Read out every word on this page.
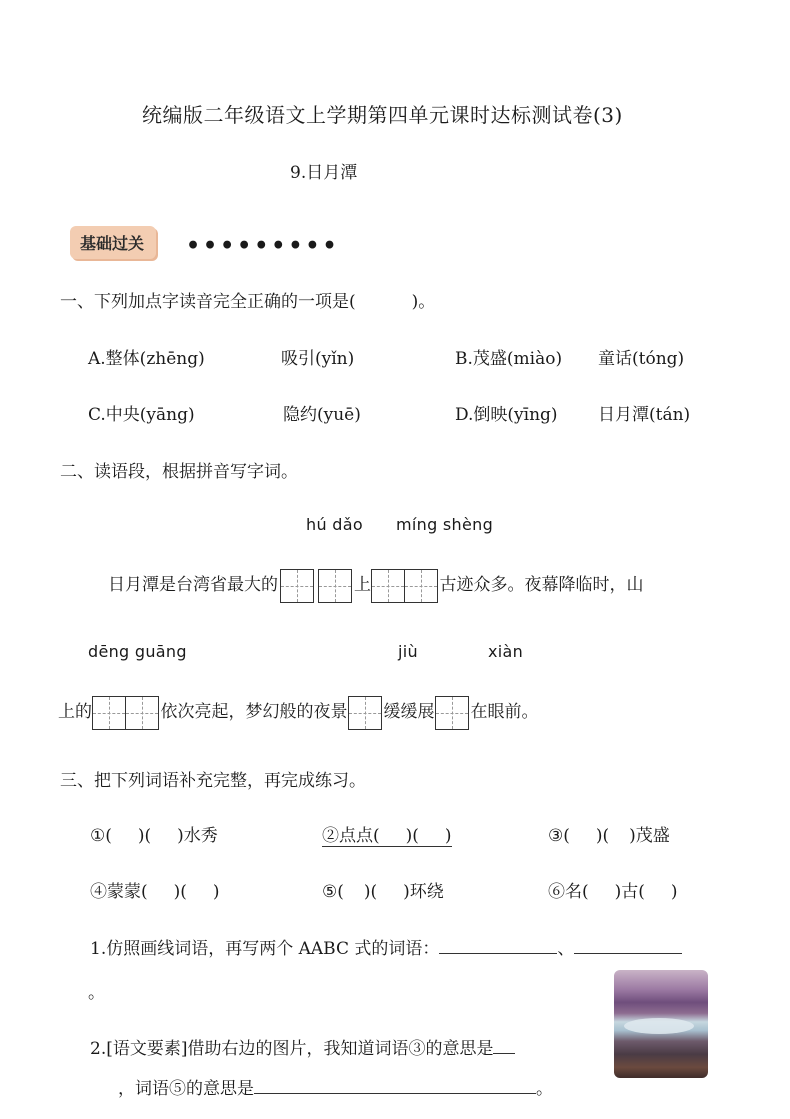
统编版二年级语文上学期第四单元课时达标测试卷(3)
9.日月潭
基础过关	•••••••••
一、下列加点字读音完全正确的一项是(	)。
A.整体(zhēng)	吸引(yǐn)	B.茂盛(miào) 童话(tóng)
C.中央(yāng)	隐约(yuē)	D.倒映(yīng) 日月潭(tán)
二、读语段，根据拼音写字词。
hú dǎo míng shèng
日月潭是台湾省最大的	上	古迹众多。夜幕降临时，山
dēng guāng	jiù	xiàn
上的	依次亮起，梦幻般的夜景 缓缓展 在眼前。
三、把下列词语补充完整，再完成练习。
①( )( )水秀	②点点( )( )	③( )( )茂盛
④蒙蒙( )( )	⑤( )( )环绕	⑥名( )古( )
1.仿照画线词语，再写两个 AABC 式的词语：	、
。
2.[语文要素]借助右边的图片，我知道词语③的意思是
，词语⑤的意思是	。
